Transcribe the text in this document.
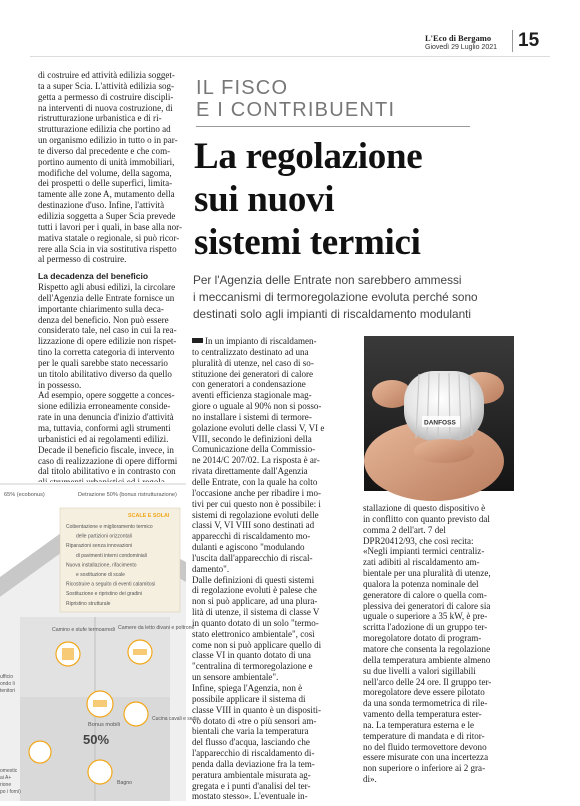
L'Eco di Bergamo
Giovedì 29 Luglio 2021 15
IL FISCO
E I CONTRIBUENTI
La regolazione
sui nuovi
sistemi termici
Per l'Agenzia delle Entrate non sarebbero ammessi
i meccanismi di termoregolazione evoluta perché sono
destinati solo agli impianti di riscaldamento modulanti
di costruire ed attività edilizia sogget-
ta a super Scia. L'attività edilizia sog-
getta a permesso di costruire discipli-
na interventi di nuova costruzione, di
ristrutturazione urbanistica e di ri-
strutturazione edilizia che portino ad
un organismo edilizio in tutto o in par-
te diverso dal precedente e che com-
portino aumento di unità immobiliari,
modifiche del volume, della sagoma,
dei prospetti o delle superfici, limita-
tamente alle zone A, mutamento della
destinazione d'uso. Infine, l'attività
edilizia soggetta a Super Scia prevede
tutti i lavori per i quali, in base alla nor-
mativa statale o regionale, si può ricor-
rere alla Scia in via sostitutiva rispetto
al permesso di costruire.
La decadenza del beneficio
Rispetto agli abusi edilizi, la circolare
dell'Agenzia delle Entrate fornisce un
importante chiarimento sulla deca-
denza del beneficio. Non può essere
considerato tale, nel caso in cui la rea-
lizzazione di opere edilizie non rispet-
tino la corretta categoria di intervento
per le quali sarebbe stato necessario
un titolo abilitativo diverso da quello
in possesso.
Ad esempio, opere soggette a conces-
sione edilizia erroneamente conside-
rate in una denuncia d'inizio d'attività
ma, tuttavia, conformi agli strumenti
urbanistici ed ai regolamenti edilizi.
Decade il beneficio fiscale, invece, in
caso di realizzazione di opere difformi
dal titolo abilitativo e in contrasto con
In un impianto di riscaldamen-
to centralizzato destinato ad una
pluralità di utenze, nel caso di so-
stituzione dei generatori di calore
con generatori a condensazione
aventi efficienza stagionale mag-
giore o uguale al 90% non si posso-
no installare i sistemi di termore-
golazione evoluti delle classi V, VI e
VIII, secondo le definizioni della
Comunicazione della Commissio-
ne 2014/C 207/02. La risposta è ar-
rivata direttamente dall'Agenzia
delle Entrate, con la quale ha colto
l'occasione anche per ribadire i mo-
tivi per cui questo non è possibile: i
sistemi di regolazione evoluti delle
classi V, VI VIII sono destinati ad
apparecchi di riscaldamento mo-
dulanti e agiscono "modulando
l'uscita dall'apparecchio di riscal-
damento".
Dalle definizioni di questi sistemi
di regolazione evoluti è palese che
non si può applicare, ad una plura-
lità di utenze, il sistema di classe V
in quanto dotato di un solo "termo-
stato elettronico ambientale", così
come non si può applicare quello di
classe VI in quanto dotato di una
"centralina di termoregolazione e
un sensore ambientale".
Infine, spiega l'Agenzia, non è
possibile applicare il sistema di
classe VIII in quanto è un dispositi-
vo dotato di «tre o più sensori am-
bientali che varia la temperatura
del flusso d'acqua, lasciando che
l'apparecchio di riscaldamento di-
penda dalla deviazione fra la tem-
peratura ambientale misurata ag-
gregata e i punti d'analisi del ter-
mostato stesso». L'eventuale in-
DANFOSS
stallazione di questo dispositivo è
in conflitto con quanto previsto dal
comma 2 dell'art. 7 del
DPR20412/93, che così recita:
«Negli impianti termici centraliz-
zati adibiti al riscaldamento am-
bientale per una pluralità di utenze,
qualora la potenza nominale del
generatore di calore o quella com-
plessiva dei generatori di calore sia
uguale o superiore a 35 kW, è pre-
scritta l'adozione di un gruppo ter-
moregolatore dotato di program-
matore che consenta la regolazione
della temperatura ambiente almeno
su due livelli a valori sigillabili
nell'arco delle 24 ore. Il gruppo ter-
moregolatore deve essere pilotato
da una sonda termometrica di rile-
vamento della temperatura ester-
na. La temperatura esterna e le
temperature di mandata e di ritor-
no del fluido termovettore devono
essere misurate con una incertezza
non superiore o inferiore ai 2 gra-
di».
65% (ecobonus)	Detrazione 50% (bonus ristrutturazione)
SCALE E SOLAI
Coibentazione e miglioramento termico
delle partizioni orizzontali
Riparazioni senza innovazioni
di pavimenti interni condominiali
Nuova installazione, rifacimento
e sostituzione di scale
Ricostruire a seguito di eventi calamitosi
Sostituzione e ripristino dei gradini
Ripristino strutturale
Camino e stufe termoarredi Camere da letto divani e poltrone
Bonus mobili
50%
Cucina cavali e sedie
Bagno
ufficio
ondo li
tenitori
omestic
ai A+
rione
po i forni)
